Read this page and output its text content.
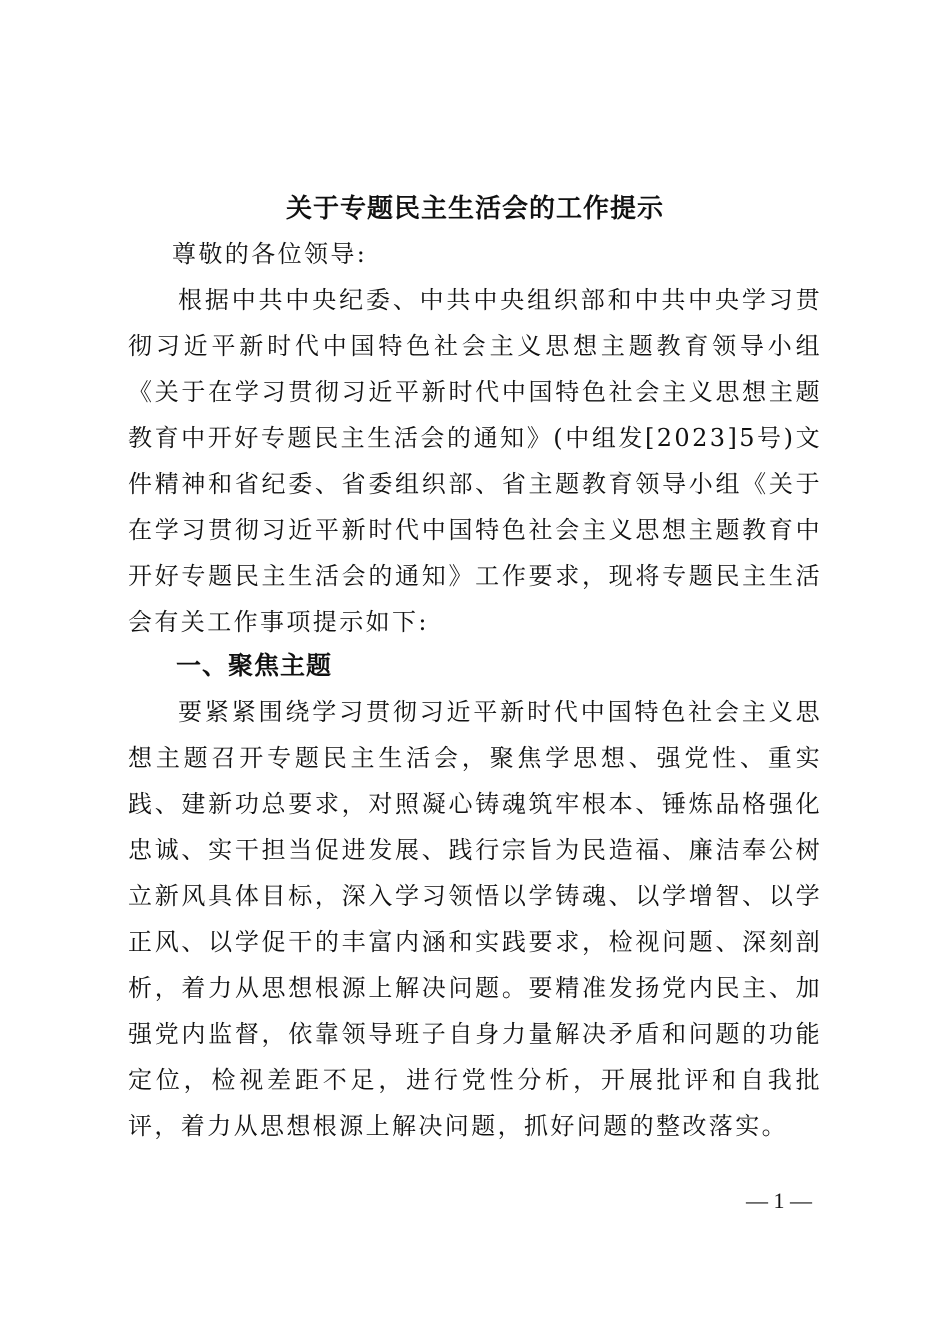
关于专题民主生活会的工作提示
尊敬的各位领导:
根据中共中央纪委、中共中央组织部和中共中央学习贯彻习近平新时代中国特色社会主义思想主题教育领导小组《关于在学习贯彻习近平新时代中国特色社会主义思想主题教育中开好专题民主生活会的通知》(中组发[2023]5号)文件精神和省纪委、省委组织部、省主题教育领导小组《关于在学习贯彻习近平新时代中国特色社会主义思想主题教育中开好专题民主生活会的通知》工作要求，现将专题民主生活会有关工作事项提示如下:
一、聚焦主题
要紧紧围绕学习贯彻习近平新时代中国特色社会主义思想主题召开专题民主生活会，聚焦学思想、强党性、重实践、建新功总要求，对照凝心铸魂筑牢根本、锤炼品格强化忠诚、实干担当促进发展、践行宗旨为民造福、廉洁奉公树立新风具体目标，深入学习领悟以学铸魂、以学增智、以学正风、以学促干的丰富内涵和实践要求，检视问题、深刻剖析，着力从思想根源上解决问题。要精准发扬党内民主、加强党内监督，依靠领导班子自身力量解决矛盾和问题的功能定位，检视差距不足，进行党性分析，开展批评和自我批评，着力从思想根源上解决问题，抓好问题的整改落实。
— 1 —
